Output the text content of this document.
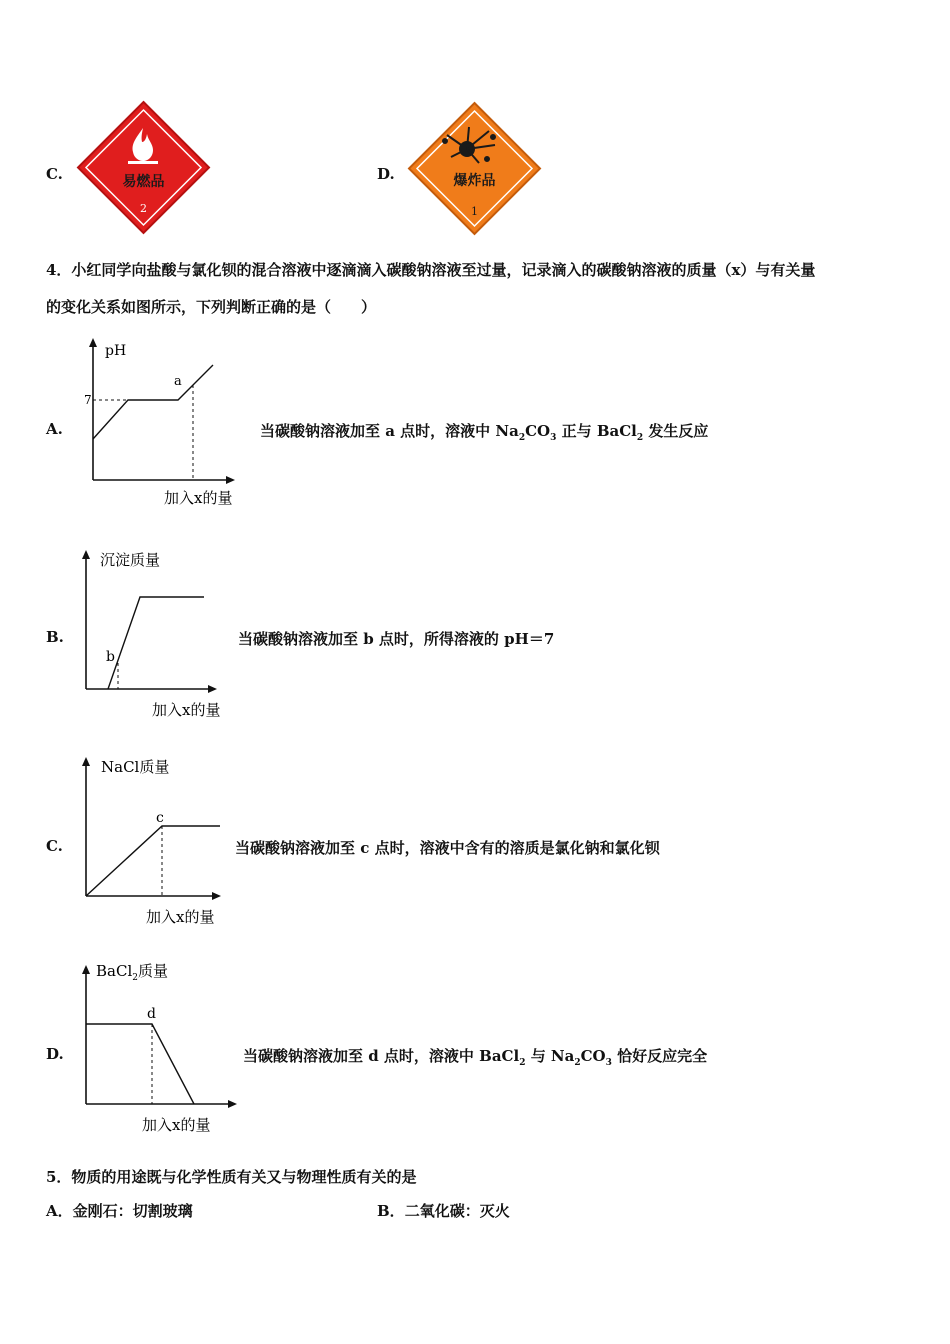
C.	易燃品
2
D.	爆炸品
1
4．小红同学向盐酸与氯化钡的混合溶液中逐滴滴入碳酸钠溶液至过量，记录滴入的碳酸钠溶液的质量（x）与有关量
的变化关系如图所示，下列判断正确的是（　　）
A.
pH
7
a
加入x的量
当碳酸钠溶液加至 a 点时，溶液中 $Na_2CO_3$ 正与 BaCl$_2$ 发生反应
B.
沉淀质量
b
加入x的量
当碳酸钠溶液加至 b 点时，所得溶液的 pH＝7
C.
NaCl质量
c
加入x的量
当碳酸钠溶液加至 c 点时，溶液中含有的溶质是氯化钠和氯化钡
D.
BaCl$_2$质量
d
加入x的量
当碳酸钠溶液加至 d 点时，溶液中 BaCl$_2$ 与 $Na_2CO_3$ 恰好反应完全
5．物质的用途既与化学性质有关又与物理性质有关的是
A．金刚石：切割玻璃	B．二氧化碳：灭火
